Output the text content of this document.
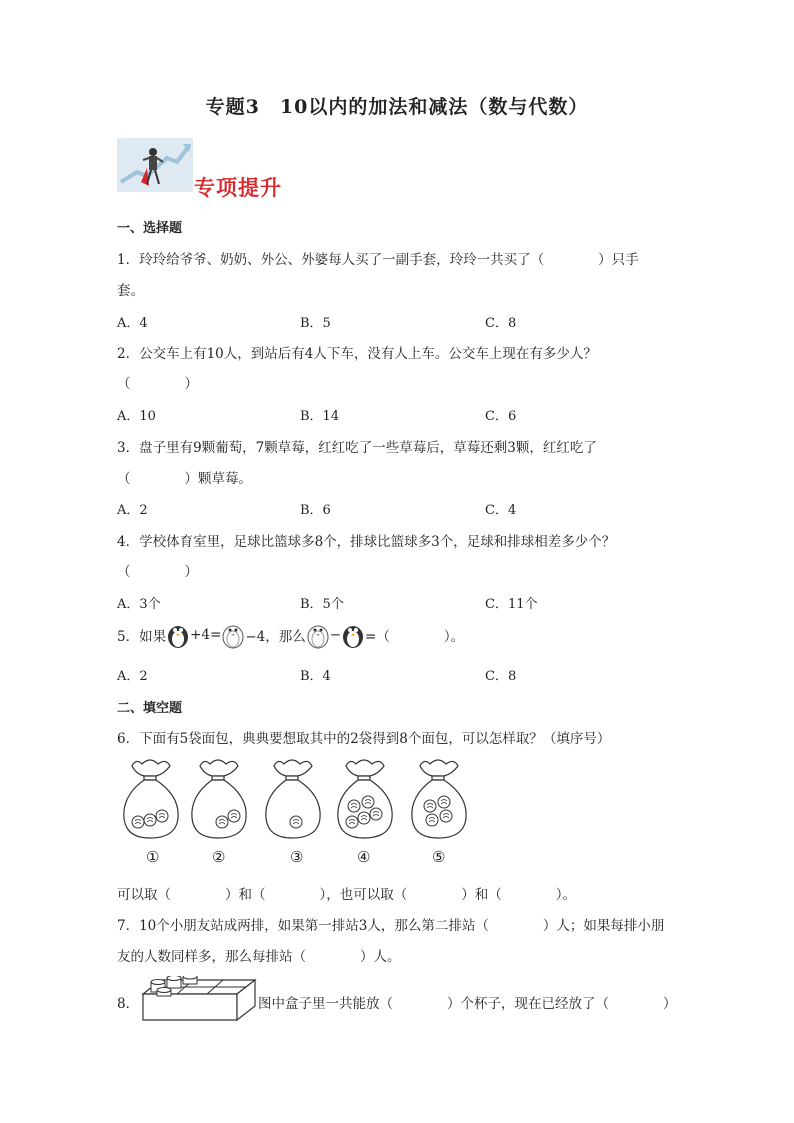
专题3　10以内的加法和减法（数与代数）
专项提升
一、选择题
1．玲玲给爷爷、奶奶、外公、外婆每人买了一副手套，玲玲一共买了（　　　　）只手
套。
A．4	B．5	C．8
2．公交车上有10人，到站后有4人下车，没有人上车。公交车上现在有多少人？
（　　　　）
A．10	B．14	C．6
3．盘子里有9颗葡萄，7颗草莓，红红吃了一些草莓后，草莓还剩3颗，红红吃了
（　　　　）颗草莓。
A．2	B．6	C．4
4．学校体育室里，足球比篮球多8个，排球比篮球多3个，足球和排球相差多少个？
（　　　　）
A．3个	B．5个	C．11个
5．如果 +4= −4，那么 − =（　　　　）。
A．2	B．4	C．8
二、填空题
6．下面有5袋面包，典典要想取其中的2袋得到8个面包，可以怎样取？（填序号）
①	②	③	④	⑤
可以取（　　　　）和（　　　　），也可以取（　　　　）和（　　　　）。
7．10个小朋友站成两排，如果第一排站3人，那么第二排站（　　　　）人；如果每排小朋
友的人数同样多，那么每排站（　　　　）人。
8．	图中盒子里一共能放（　　　　）个杯子，现在已经放了（　　　　）
